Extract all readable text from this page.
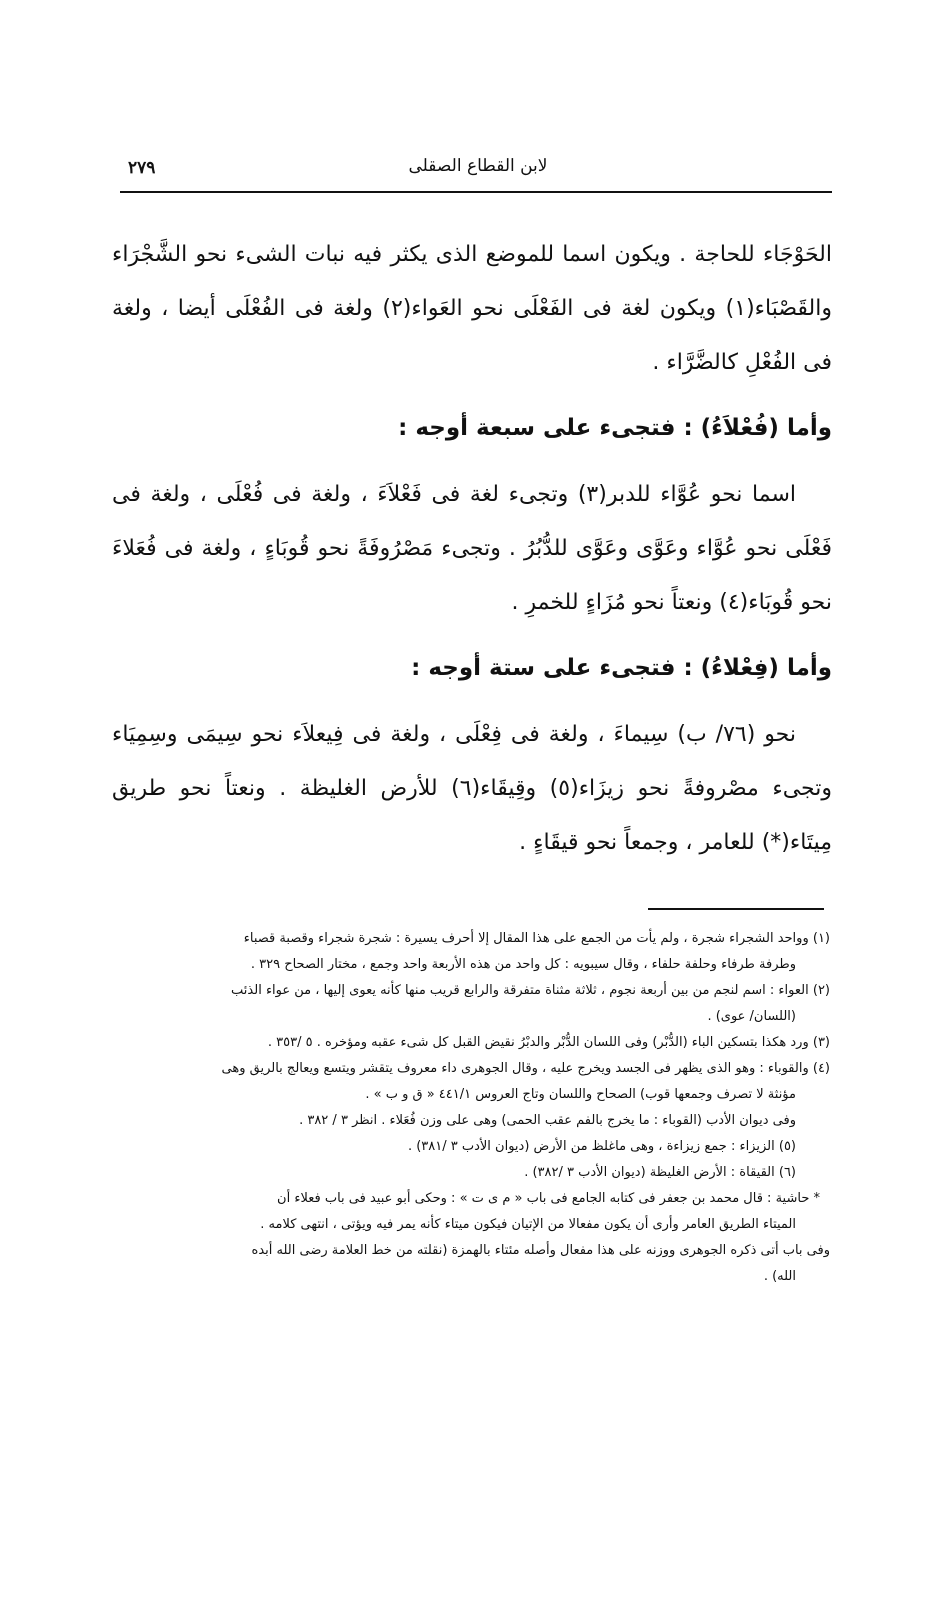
لابن القطاع الصقلى
٢٧٩

الحَوْجَاء للحاجة . ويكون اسما للموضع الذى يكثر فيه نبات الشىء نحو الشَّجْرَاء والقَصْبَاء(١) ويكون لغة فى الفَعْلَى نحو العَواء(٢) ولغة فى الفُعْلَى أيضا ، ولغة فى الفُعْلِ كالضَّرَّاء .

وأما (فُعْلاَءُ) : فتجىء على سبعة أوجه :

اسما نحو عُوَّاء للدبر(٣) وتجىء لغة فى فَعْلاَءَ ، ولغة فى فُعْلَى ، ولغة فى فَعْلَى نحو عُوَّاء وعَوَّى وعَوَّى للدُّبُرُ . وتجىء مَصْرُوفَةً نحو قُوبَاءٍ ، ولغة فى فُعَلاءَ نحو قُوبَاء(٤) ونعتاً نحو مُزَاءٍ للخمرِ .

وأما (فِعْلاءُ) : فتجىء على ستة أوجه :

نحو (٧٦/ ب) سِيماءَ ، ولغة فى فِعْلَى ، ولغة فى فِيعلاَء نحو سِيمَى وسِمِيَاء وتجىء مصْروفةً نحو زيزَاء(٥) وقِيقَاء(٦) للأرض الغليظة . ونعتاً نحو طريق مِيتَاء(*) للعامر ، وجمعاً نحو قيقَاءٍ .

(١) وواحد الشجراء شجرة ، ولم يأت من الجمع على هذا المقال إلا أحرف يسيرة : شجرة شجراء وقصبة قصباء
وطرفة طرفاء وحلفة حلفاء ، وقال سيبويه : كل واحد من هذه الأربعة واحد وجمع ، مختار الصحاح ٣٢٩ .

(٢) العواء : اسم لنجم من بين أربعة نجوم ، ثلاثة مثناة متفرقة والرابع قريب منها كأنه يعوى إليها ، من عواء الذئب
(اللسان/ عوى) .

(٣) ورد هكذا بتسكين الباء (الدُّبْر) وفى اللسان الدُّبْر والدبْرُ نقيض القبل كل شىء عقبه ومؤخره . ٥ /٣٥٣ .

(٤) والقوباء : وهو الذى يظهر فى الجسد ويخرج عليه ، وقال الجوهرى داء معروف يتقشر ويتسع ويعالج بالريق وهى
مؤنثة لا تصرف وجمعها قوب) الصحاح واللسان وتاج العروس ٤٤١/١ « ق و ب » .
وفى ديوان الأدب (القوباء : ما يخرج بالفم عقب الحمى) وهى على وزن فُعَلاء . انظر ٣ / ٣٨٢ .

(٥) الزيزاء : جمع زيزاءة ، وهى ماغلظ من الأرض (ديوان الأدب ٣ /٣٨١) .

(٦) القيقاة : الأرض الغليظة (ديوان الأدب ٣ /٣٨٢) .

* حاشية : قال محمد بن جعفر فى كتابه الجامع فى باب « م ى ت » : وحكى أبو عبيد فى باب فعلاء أن
الميتاء الطريق العامر وأرى أن يكون مفعالا من الإتيان فيكون ميتاء كأنه يمر فيه ويؤتى ، انتهى كلامه .

وفى باب أتى ذكره الجوهرى ووزنه على هذا مفعال وأصله مئتاء بالهمزة (نقلته من خط العلامة رضى الله أبده
الله) .
